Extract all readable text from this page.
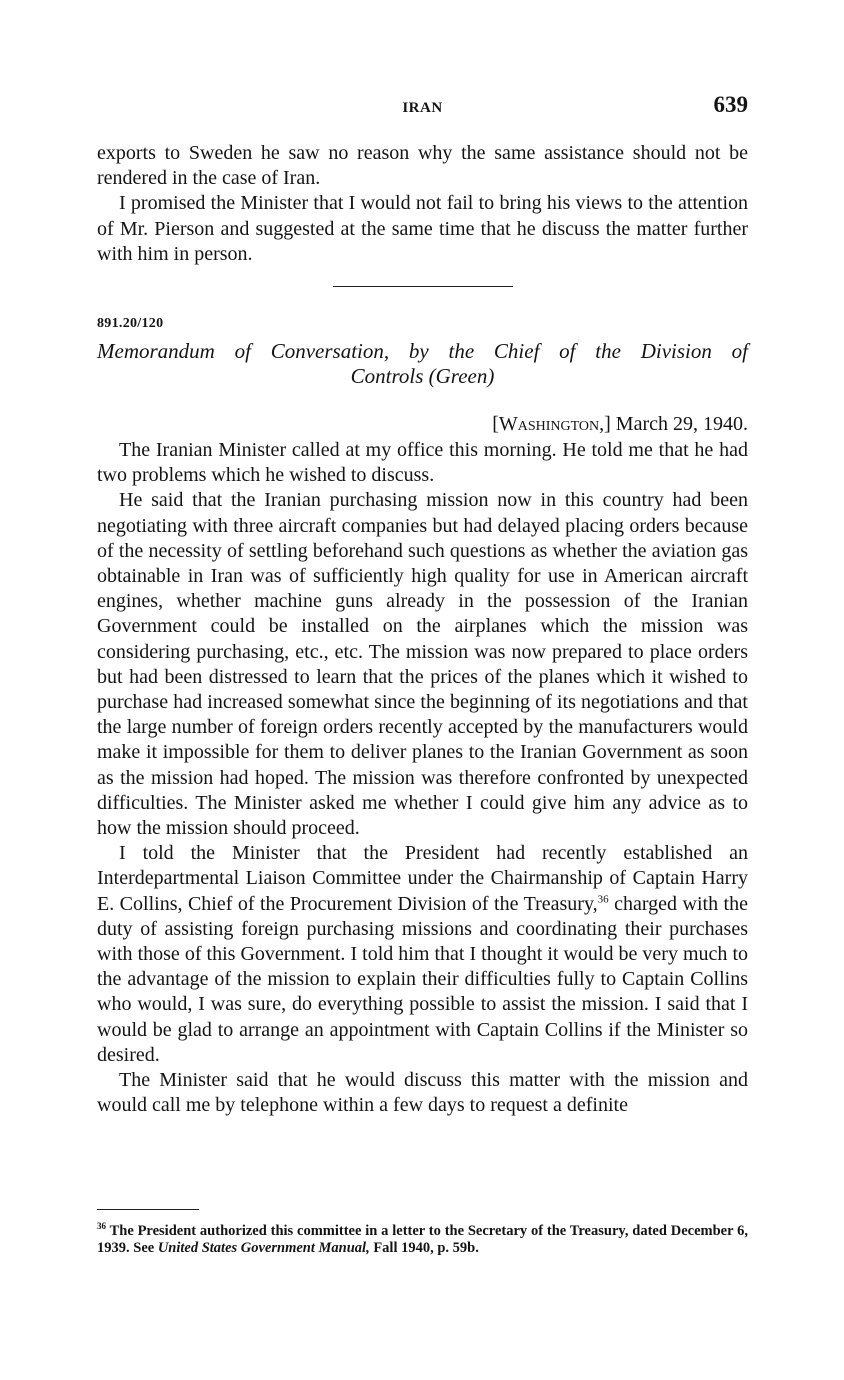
IRAN	639

exports to Sweden he saw no reason why the same assistance should not be rendered in the case of Iran.

I promised the Minister that I would not fail to bring his views to the attention of Mr. Pierson and suggested at the same time that he discuss the matter further with him in person.

891.20/120
Memorandum of Conversation, by the Chief of the Division of
Controls (Green)
[Washington,] March 29, 1940.

The Iranian Minister called at my office this morning. He told me that he had two problems which he wished to discuss.

He said that the Iranian purchasing mission now in this country had been negotiating with three aircraft companies but had delayed placing orders because of the necessity of settling beforehand such questions as whether the aviation gas obtainable in Iran was of sufficiently high quality for use in American aircraft engines, whether machine guns already in the possession of the Iranian Government could be installed on the airplanes which the mission was considering purchasing, etc., etc. The mission was now prepared to place orders but had been distressed to learn that the prices of the planes which it wished to purchase had increased somewhat since the beginning of its negotiations and that the large number of foreign orders recently accepted by the manufacturers would make it impossible for them to deliver planes to the Iranian Government as soon as the mission had hoped. The mission was therefore confronted by unexpected difficulties. The Minister asked me whether I could give him any advice as to how the mission should proceed.

I told the Minister that the President had recently established an Interdepartmental Liaison Committee under the Chairmanship of Captain Harry E. Collins, Chief of the Procurement Division of the Treasury,$^{36}$ charged with the duty of assisting foreign purchasing missions and coordinating their purchases with those of this Government. I told him that I thought it would be very much to the advantage of the mission to explain their difficulties fully to Captain Collins who would, I was sure, do everything possible to assist the mission. I said that I would be glad to arrange an appointment with Captain Collins if the Minister so desired.

The Minister said that he would discuss this matter with the mission and would call me by telephone within a few days to request a definite

$^{36}$ The President authorized this committee in a letter to the Secretary of the Treasury, dated December 6, 1939. See United States Government Manual, Fall 1940, p. 59b.
